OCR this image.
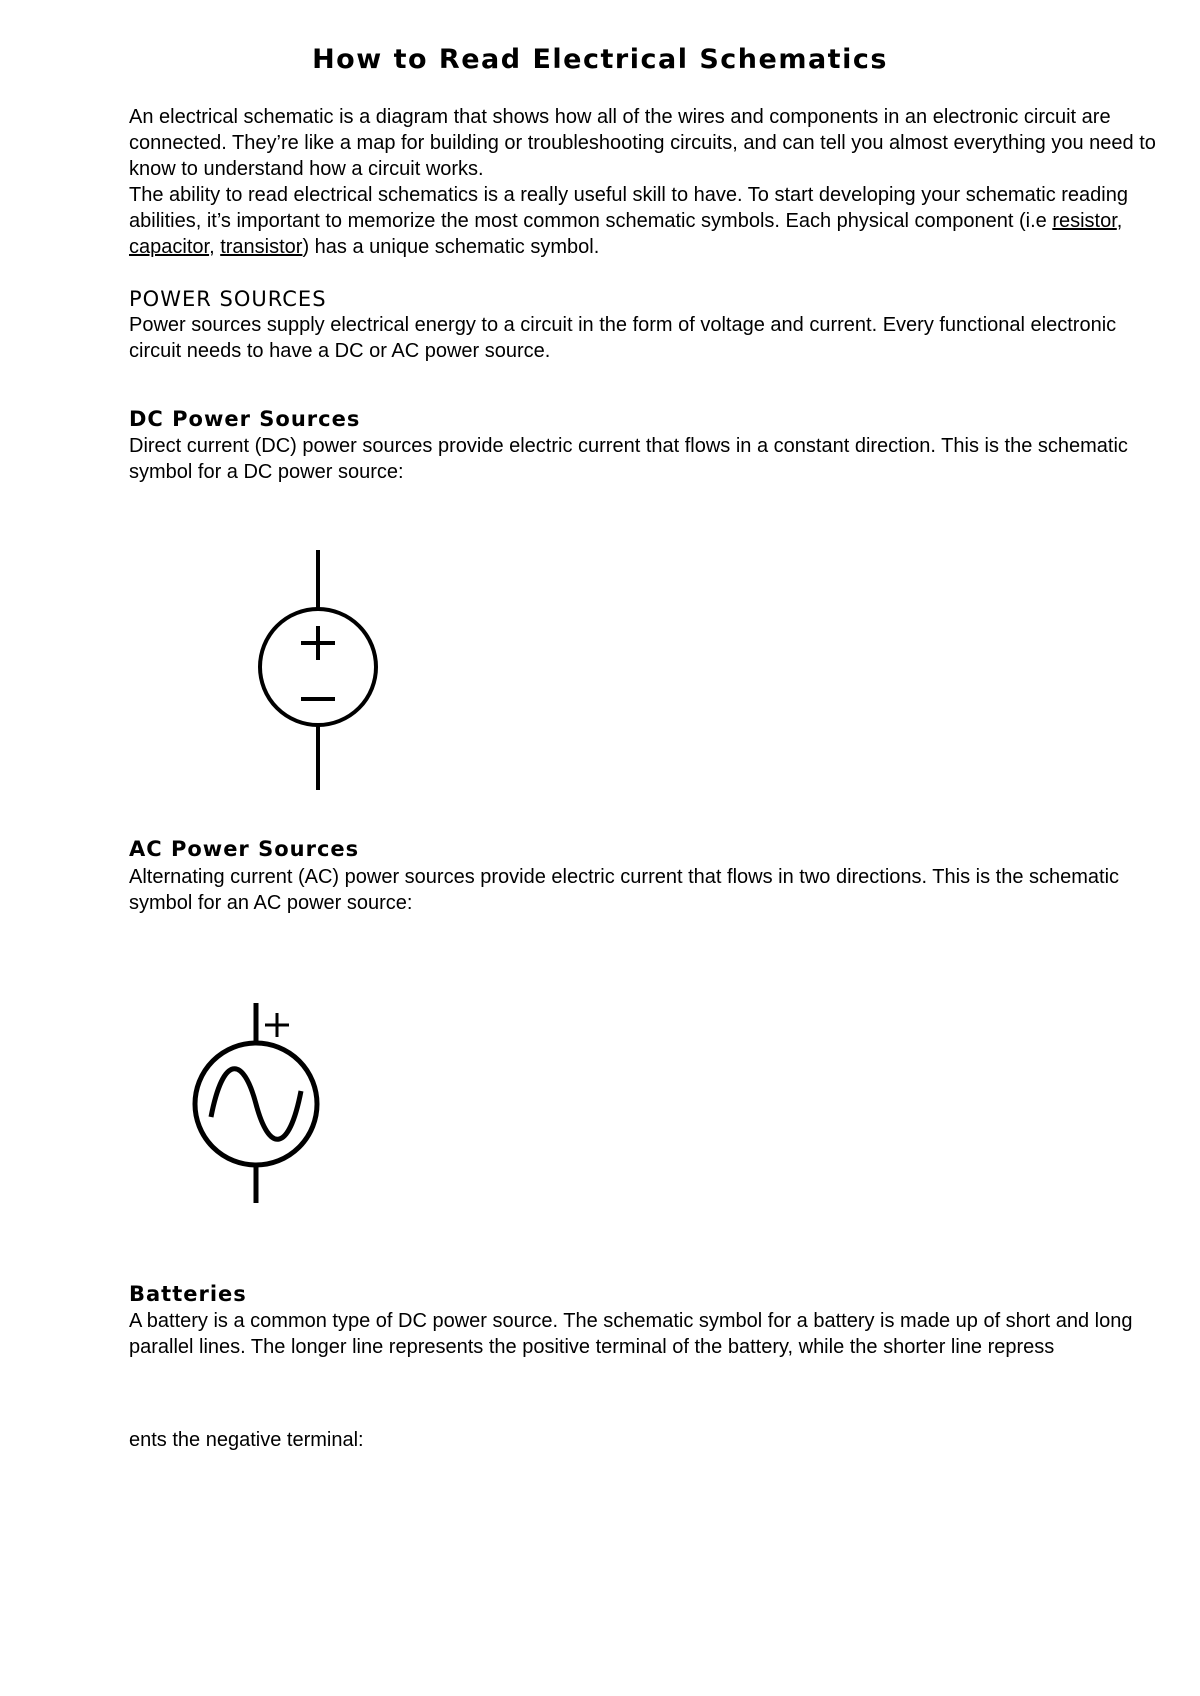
How to Read Electrical Schematics
An electrical schematic is a diagram that shows how all of the wires and components in an electronic circuit are connected. They’re like a map for building or troubleshooting circuits, and can tell you almost everything you need to know to understand how a circuit works.
The ability to read electrical schematics is a really useful skill to have. To start developing your schematic reading abilities, it’s important to memorize the most common schematic symbols. Each physical component (i.e resistor, capacitor, transistor) has a unique schematic symbol.
POWER SOURCES
Power sources supply electrical energy to a circuit in the form of voltage and current. Every functional electronic circuit needs to have a DC or AC power source.
DC Power Sources
Direct current (DC) power sources provide electric current that flows in a constant direction. This is the schematic symbol for a DC power source:
AC Power Sources
Alternating current (AC) power sources provide electric current that flows in two directions. This is the schematic symbol for an AC power source:
Batteries
A battery is a common type of DC power source. The schematic symbol for a battery is made up of short and long parallel lines. The longer line represents the positive terminal of the battery, while the shorter line repress
ents the negative terminal:
